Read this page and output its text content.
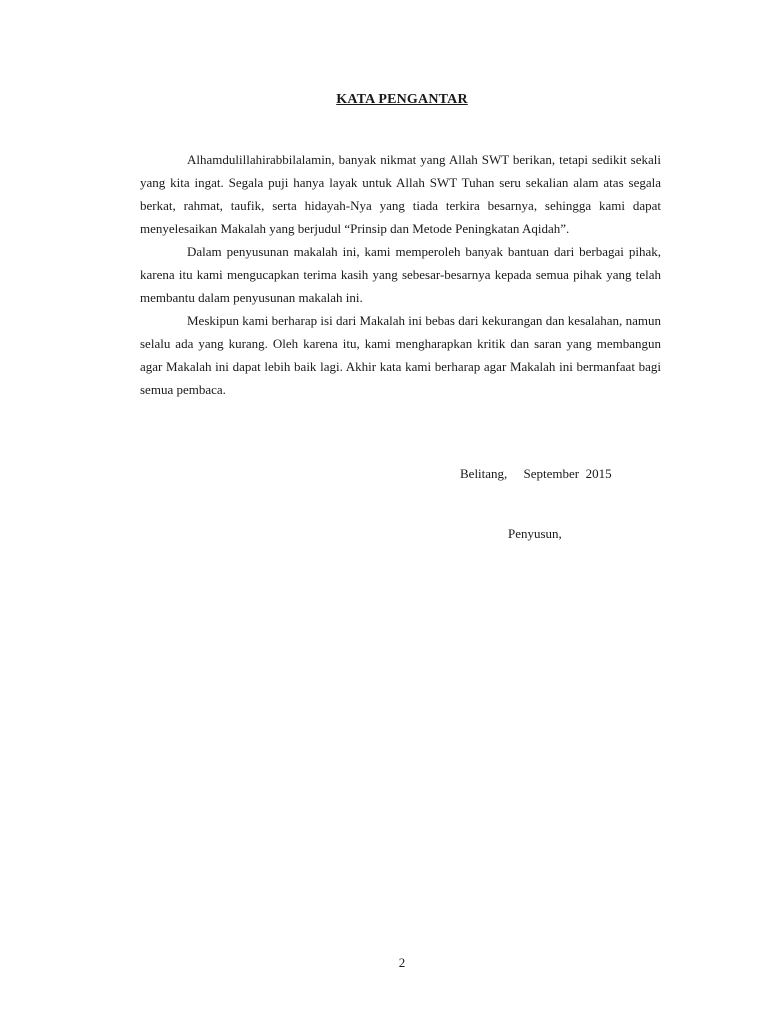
KATA PENGANTAR

Alhamdulillahirabbilalamin, banyak nikmat yang Allah SWT berikan, tetapi sedikit sekali yang kita ingat. Segala puji hanya layak untuk Allah SWT Tuhan seru sekalian alam atas segala berkat, rahmat, taufik, serta hidayah-Nya yang tiada terkira besarnya, sehingga kami dapat menyelesaikan Makalah yang berjudul “Prinsip dan Metode Peningkatan Aqidah”.

Dalam penyusunan makalah ini, kami memperoleh banyak bantuan dari berbagai pihak, karena itu kami mengucapkan terima kasih yang sebesar-besarnya kepada semua pihak yang telah membantu dalam penyusunan makalah ini.

Meskipun kami berharap isi dari Makalah ini bebas dari kekurangan dan kesalahan, namun selalu ada yang kurang. Oleh karena itu, kami mengharapkan kritik dan saran yang membangun agar Makalah ini dapat lebih baik lagi. Akhir kata kami berharap agar Makalah ini bermanfaat bagi semua pembaca.

Belitang,     September  2015
Penyusun,
2
